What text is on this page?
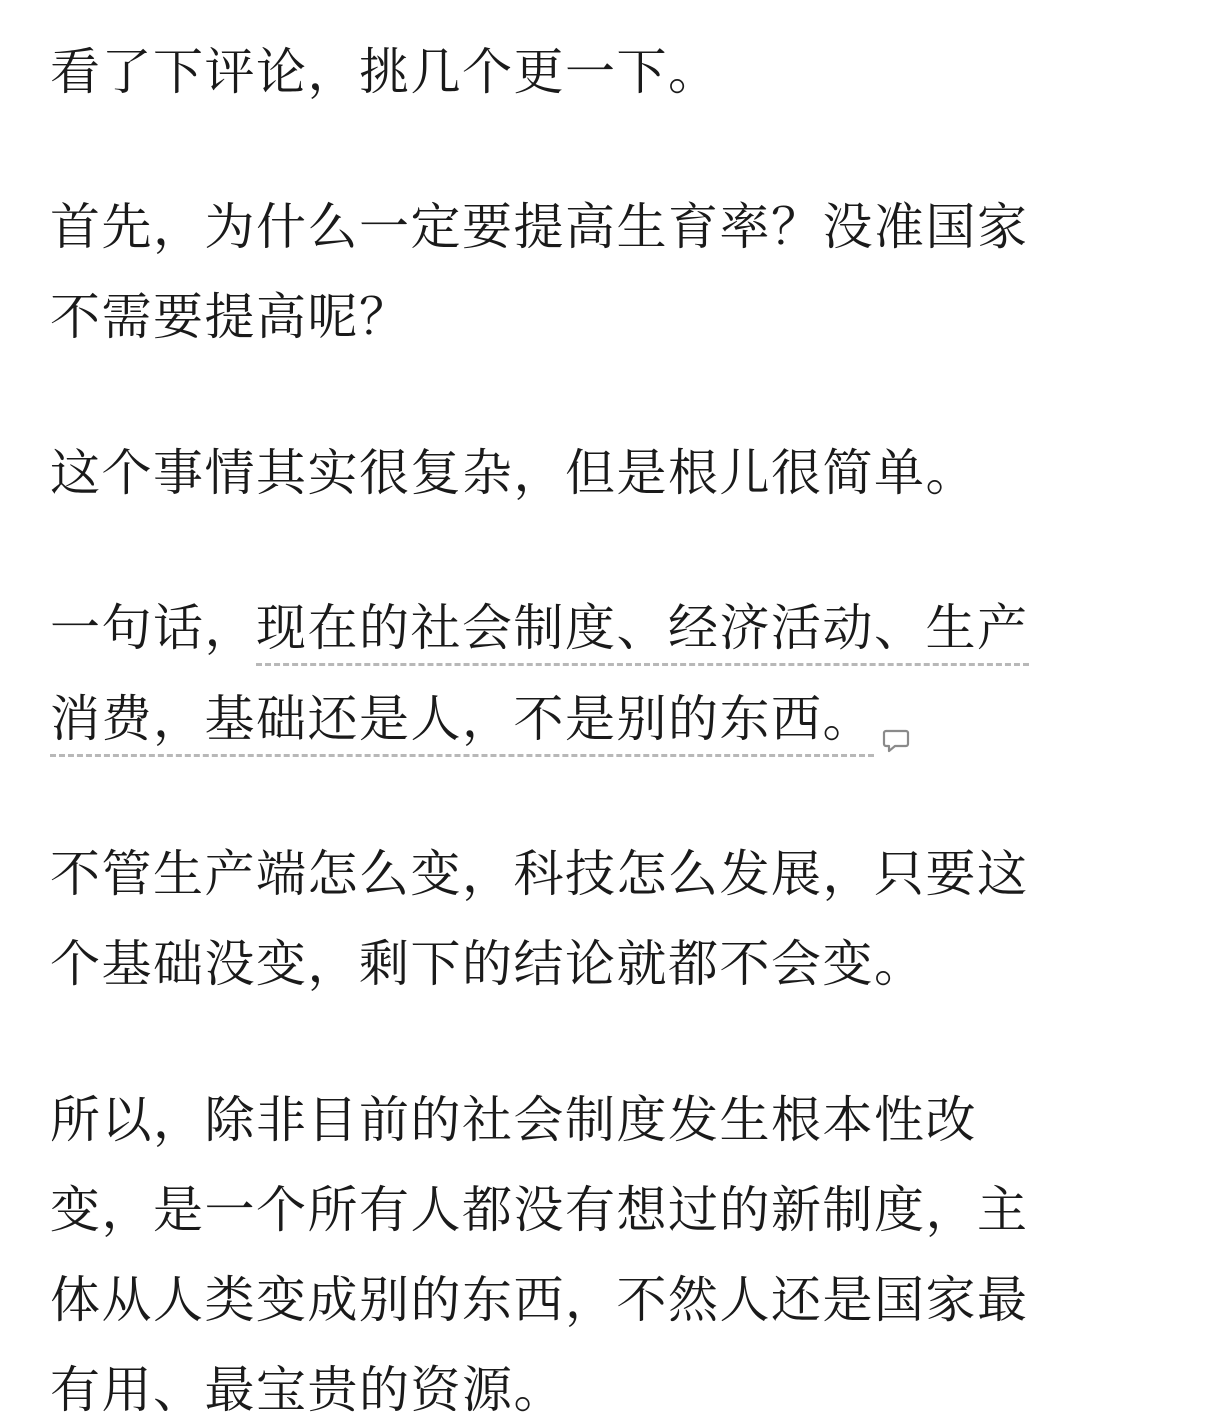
看了下评论，挑几个更一下。
首先，为什么一定要提高生育率？没准国家
不需要提高呢？
这个事情其实很复杂，但是根儿很简单。
一句话，现在的社会制度、经济活动、生产
消费，基础还是人，不是别的东西。
不管生产端怎么变，科技怎么发展，只要这
个基础没变，剩下的结论就都不会变。
所以，除非目前的社会制度发生根本性改
变，是一个所有人都没有想过的新制度，主
体从人类变成别的东西，不然人还是国家最
有用、最宝贵的资源。
